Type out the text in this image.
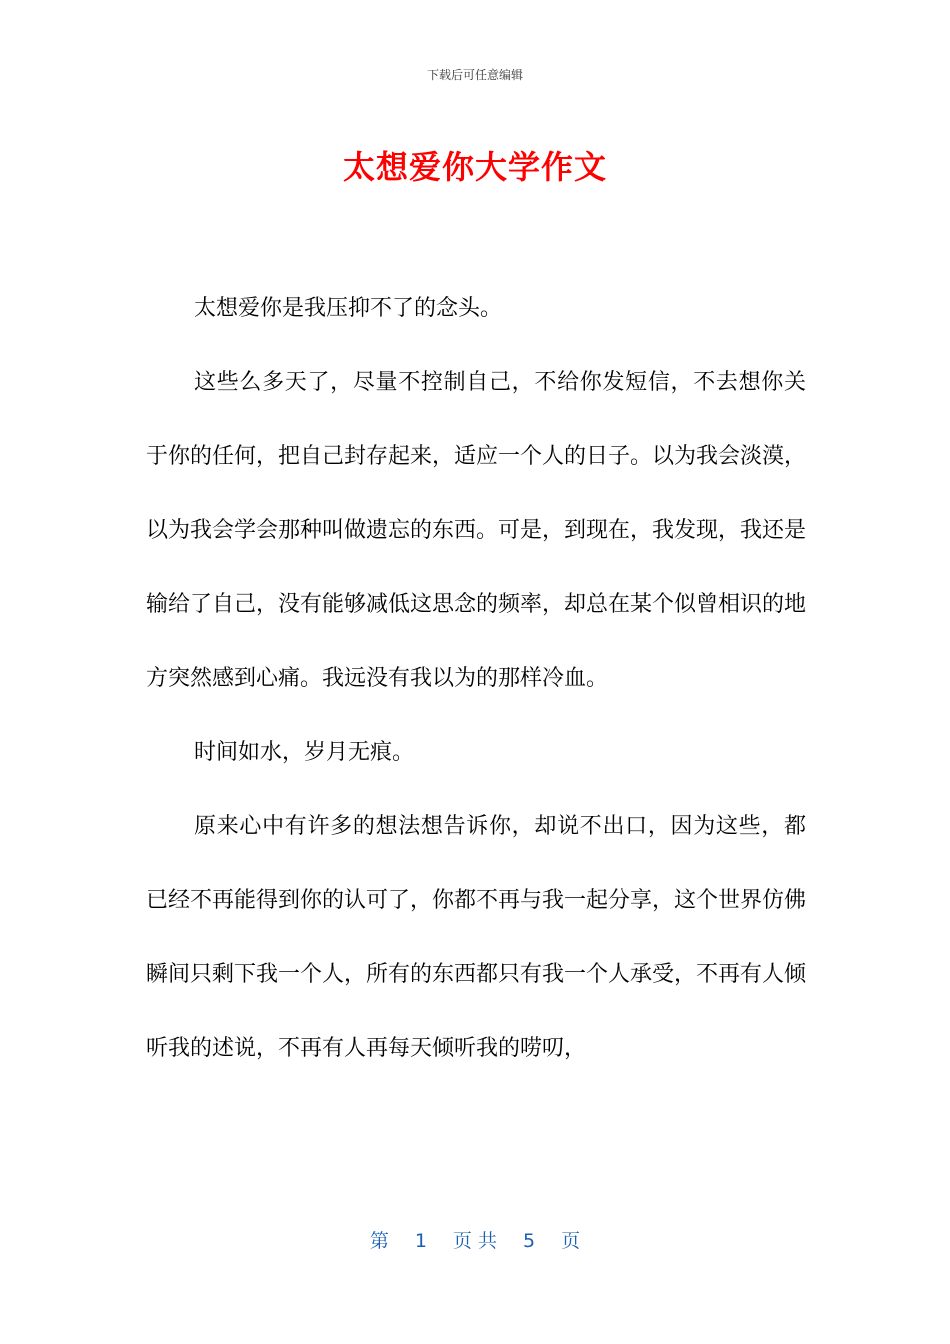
下载后可任意编辑
太想爱你大学作文

太想爱你是我压抑不了的念头。

这些么多天了，尽量不控制自己，不给你发短信，不去想你关于你的任何，把自己封存起来，适应一个人的日子。以为我会淡漠，以为我会学会那种叫做遗忘的东西。可是，到现在，我发现，我还是输给了自己，没有能够减低这思念的频率，却总在某个似曾相识的地方突然感到心痛。我远没有我以为的那样冷血。

时间如水，岁月无痕。

原来心中有许多的想法想告诉你，却说不出口，因为这些，都已经不再能得到你的认可了，你都不再与我一起分享，这个世界仿佛瞬间只剩下我一个人，所有的东西都只有我一个人承受，不再有人倾听我的述说，不再有人再每天倾听我的唠叨，

第 1 页 共 5 页
